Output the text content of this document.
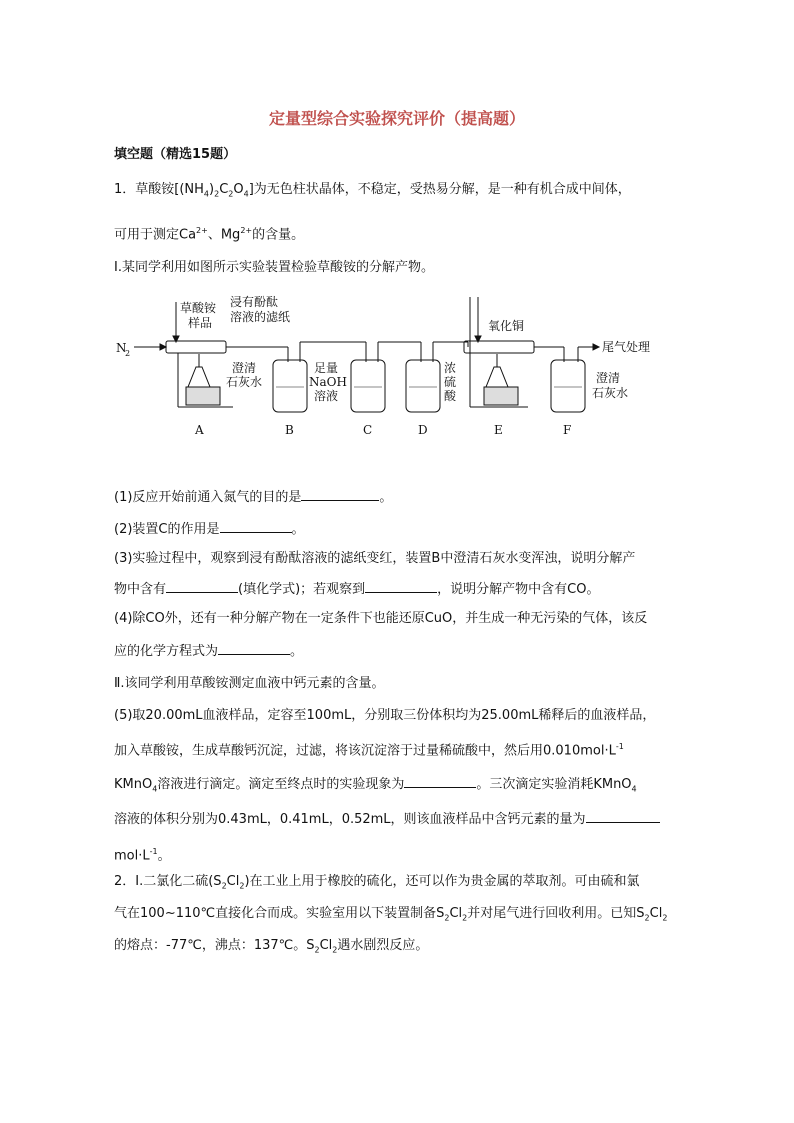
定量型综合实验探究评价（提高题）
填空题（精选15题）
1．草酸铵$[(NH_4)_2C_2O_4]$为无色柱状晶体，不稳定，受热易分解，是一种有机合成中间体，
可用于测定$Ca^{2+}$、$Mg^{2+}$的含量。
Ⅰ.某同学利用如图所示实验装置检验草酸铵的分解产物。
N
2
草酸铵
样品
浸有酚酞
溶液的滤纸
澄清
石灰水
足量
NaOH
溶液
浓
硫
酸
氧化铜
尾气处理
澄清
石灰水
A	B	C	D	E	F
(1)反应开始前通入氮气的目的是	。
(2)装置C的作用是	。
(3)实验过程中，观察到浸有酚酞溶液的滤纸变红，装置B中澄清石灰水变浑浊，说明分解产
物中含有	(填化学式)；若观察到	，说明分解产物中含有CO。
(4)除CO外，还有一种分解产物在一定条件下也能还原CuO，并生成一种无污染的气体，该反
应的化学方程式为	。
Ⅱ.该同学利用草酸铵测定血液中钙元素的含量。
(5)取20.00mL血液样品，定容至100mL，分别取三份体积均为25.00mL稀释后的血液样品，
加入草酸铵，生成草酸钙沉淀，过滤，将该沉淀溶于过量稀硫酸中，然后用$0.010mol\cdot L^{-1}$
KMnO$_4$溶液进行滴定。滴定至终点时的实验现象为	。三次滴定实验消耗KMnO$_4$
溶液的体积分别为0.43mL，0.41mL，0.52mL，则该血液样品中含钙元素的量为
$mol\cdot L^{-1}$。
2．Ⅰ.二氯化二硫$(S_2Cl_2)$在工业上用于橡胶的硫化，还可以作为贵金属的萃取剂。可由硫和氯
气在100~110℃直接化合而成。实验室用以下装置制备$S_2Cl_2$并对尾气进行回收利用。已知$S_2Cl_2$
的熔点：-77℃，沸点：137℃。$S_2Cl_2$遇水剧烈反应。
